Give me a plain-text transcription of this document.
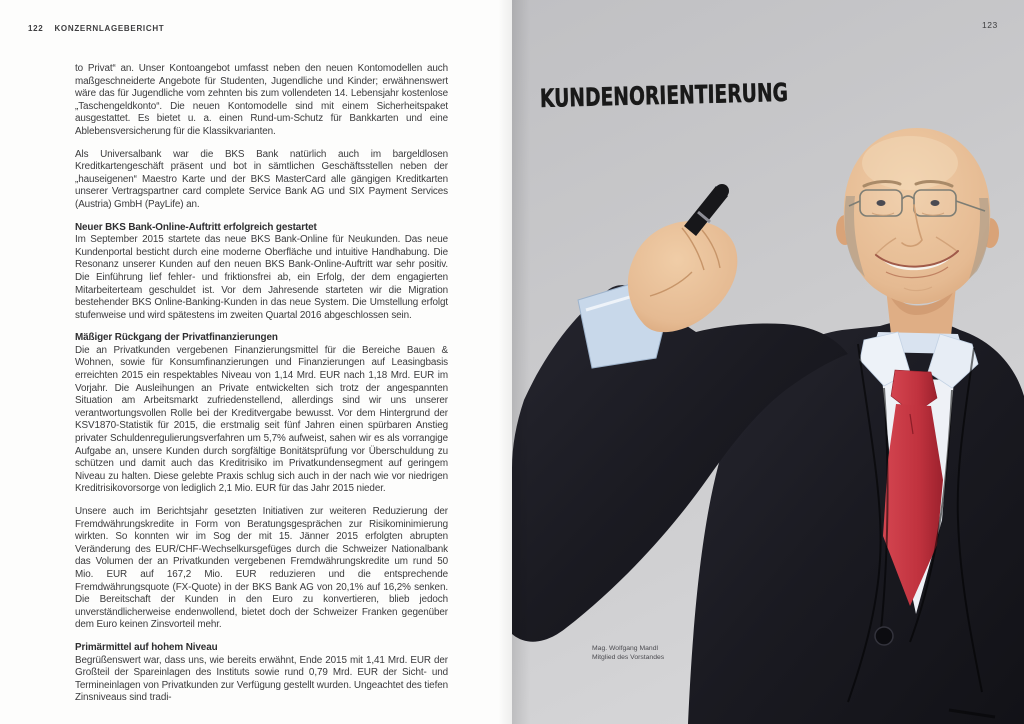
122 KONZERNLAGEBERICHT

to Privat“ an. Unser Kontoangebot umfasst neben den neuen Kontomodellen auch maßgeschneiderte Angebote für Studenten, Jugendliche und Kinder; erwähnenswert wäre das für Jugendliche vom zehnten bis zum vollendeten 14. Lebensjahr kostenlose „Taschengeldkonto“. Die neuen Kontomodelle sind mit einem Sicherheitspaket ausgestattet. Es bietet u. a. einen Rund-um-Schutz für Bankkarten und eine Ablebensversicherung für die Klassikvarianten.

Als Universalbank war die BKS Bank natürlich auch im bargeldlosen Kreditkartengeschäft präsent und bot in sämtlichen Geschäftsstellen neben der „hauseigenen“ Maestro Karte und der BKS MasterCard alle gängigen Kreditkarten unserer Vertragspartner card complete Service Bank AG und SIX Payment Services (Austria) GmbH (PayLife) an.

Neuer BKS Bank-Online-Auftritt erfolgreich gestartet

Im September 2015 startete das neue BKS Bank-Online für Neukunden. Das neue Kundenportal besticht durch eine moderne Oberfläche und intuitive Handhabung. Die Resonanz unserer Kunden auf den neuen BKS Bank-Online-Auftritt war sehr positiv. Die Einführung lief fehler- und friktionsfrei ab, ein Erfolg, der dem engagierten Mitarbeiterteam geschuldet ist. Vor dem Jahresende starteten wir die Migration bestehender BKS Online-Banking-Kunden in das neue System. Die Umstellung erfolgt stufenweise und wird spätestens im zweiten Quartal 2016 abgeschlossen sein.

Mäßiger Rückgang der Privatfinanzierungen

Die an Privatkunden vergebenen Finanzierungsmittel für die Bereiche Bauen & Wohnen, sowie für Konsumfinanzierungen und Finanzierungen auf Leasingbasis erreichten 2015 ein respektables Niveau von 1,14 Mrd. EUR nach 1,18 Mrd. EUR im Vorjahr. Die Ausleihungen an Private entwickelten sich trotz der angespannten Situation am Arbeitsmarkt zufriedenstellend, allerdings sind wir uns unserer verantwortungsvollen Rolle bei der Kreditvergabe bewusst. Vor dem Hintergrund der KSV1870-Statistik für 2015, die erstmalig seit fünf Jahren einen spürbaren Anstieg privater Schuldenregulierungsverfahren um 5,7% aufweist, sahen wir es als vorrangige Aufgabe an, unsere Kunden durch sorgfältige Bonitätsprüfung vor Überschuldung zu schützen und damit auch das Kreditrisiko im Privatkundensegment auf geringem Niveau zu halten. Diese gelebte Praxis schlug sich auch in der nach wie vor niedrigen Kreditrisikovorsorge von lediglich 2,1 Mio. EUR für das Jahr 2015 nieder.

Unsere auch im Berichtsjahr gesetzten Initiativen zur weiteren Reduzierung der Fremdwährungskredite in Form von Beratungsgesprächen zur Risikominimierung wirkten. So konnten wir im Sog der mit 15. Jänner 2015 erfolgten abrupten Veränderung des EUR/CHF-Wechselkursgefüges durch die Schweizer Nationalbank das Volumen der an Privatkunden vergebenen Fremdwährungskredite um rund 50 Mio. EUR auf 167,2 Mio. EUR reduzieren und die entsprechende Fremdwährungsquote (FX-Quote) in der BKS Bank AG von 20,1% auf 16,2% senken. Die Bereitschaft der Kunden in den Euro zu konvertieren, blieb jedoch unverständlicherweise endenwollend, bietet doch der Schweizer Franken gegenüber dem Euro keinen Zinsvorteil mehr.

Primärmittel auf hohem Niveau

Begrüßenswert war, dass uns, wie bereits erwähnt, Ende 2015 mit 1,41 Mrd. EUR der Großteil der Spareinlagen des Instituts sowie rund 0,79 Mrd. EUR der Sicht- und Termineinlagen von Privatkunden zur Verfügung gestellt wurden. Ungeachtet des tiefen Zinsniveaus sind tradi-

KUNDENORIENTIERUNG
123
Mag. Wolfgang Mandl
Mitglied des Vorstandes
